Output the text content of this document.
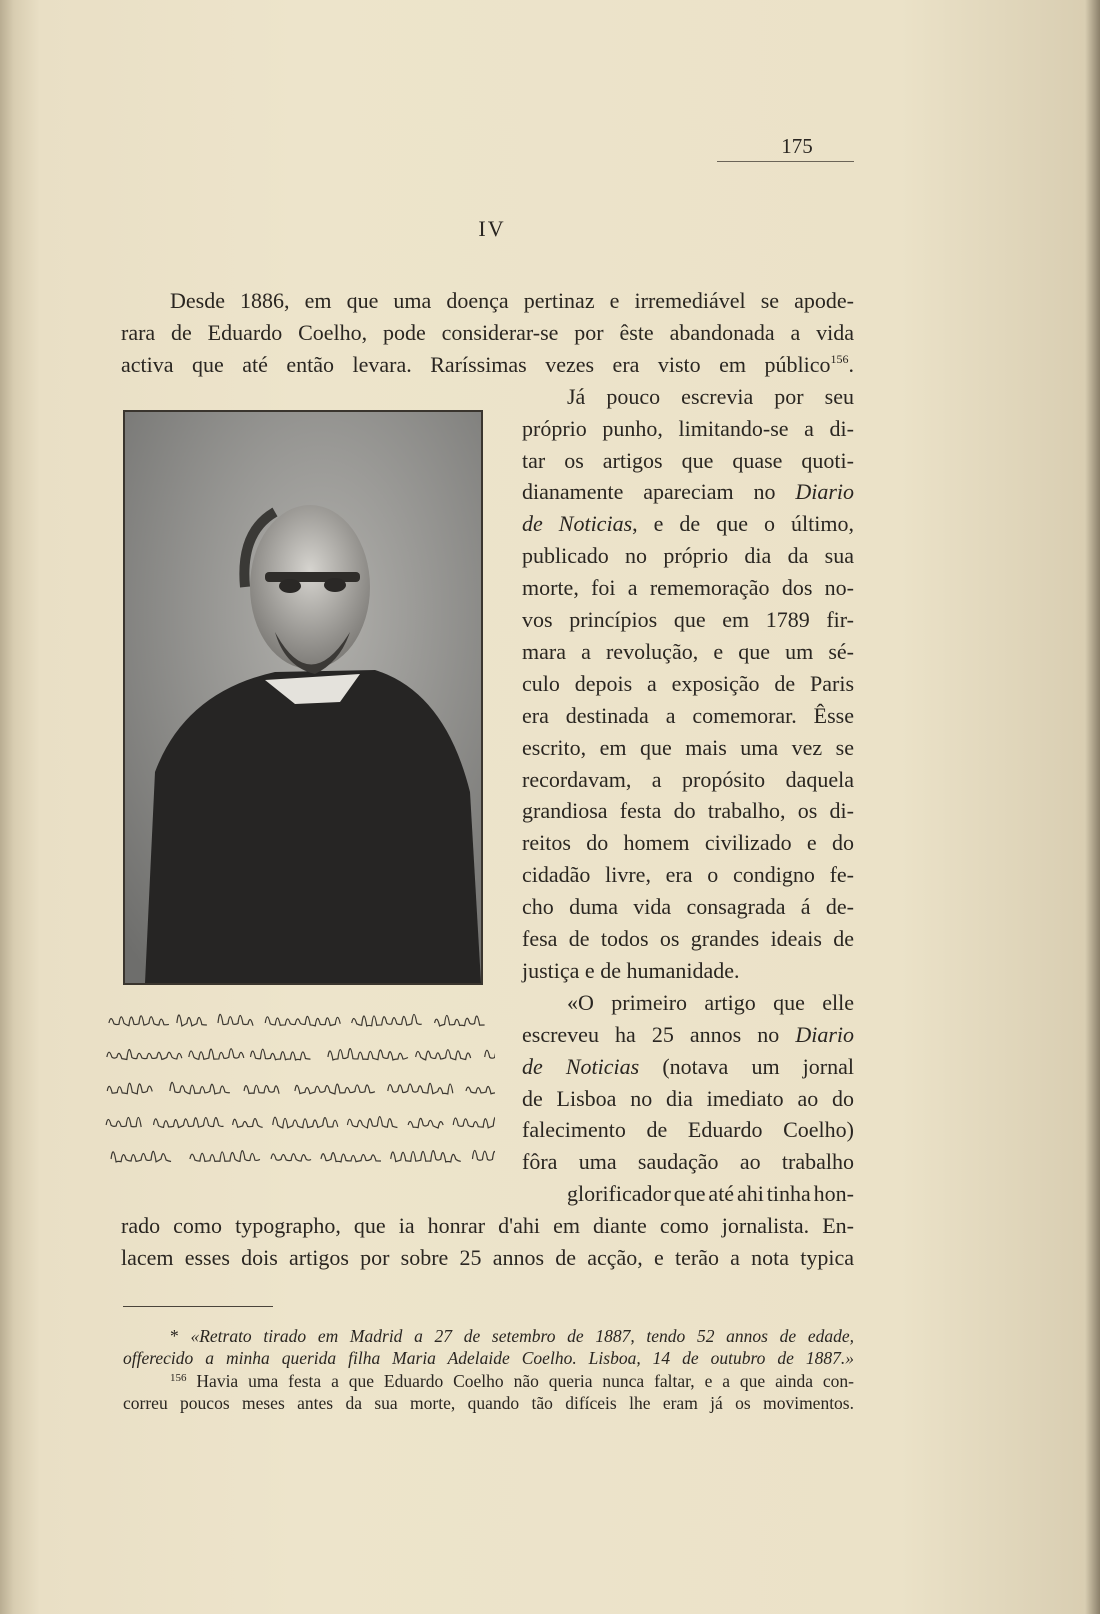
175
IV
Desde 1886, em que uma doença pertinaz e irremediável se apode-
rara de Eduardo Coelho, pode considerar-se por êste abandonada a vida
activa que até então levara. Raríssimas vezes era visto em público$^{156}$.
Já pouco escrevia por seu
próprio punho, limitando-se a di-
tar os artigos que quase quoti-
dianamente apareciam no Diario
de Noticias, e de que o último,
publicado no próprio dia da sua
morte, foi a rememoração dos no-
vos princípios que em 1789 fir-
mara a revolução, e que um sé-
culo depois a exposição de Paris
era destinada a comemorar. Êsse
escrito, em que mais uma vez se
recordavam, a propósito daquela
grandiosa festa do trabalho, os di-
reitos do homem civilizado e do
cidadão livre, era o condigno fe-
cho duma vida consagrada á de-
fesa de todos os grandes ideais de
justiça e de humanidade.
«O primeiro artigo que elle
escreveu ha 25 annos no Diario
de Noticias (notava um jornal
de Lisboa no dia imediato ao do
falecimento de Eduardo Coelho)
fôra uma saudação ao trabalho
glorificador que até ahi tinha hon-
rado como typographo, que ia honrar d'ahi em diante como jornalista. En-
lacem esses dois artigos por sobre 25 annos de acção, e terão a nota typica
* «Retrato tirado em Madrid a 27 de setembro de 1887, tendo 52 annos de edade,
offerecido a minha querida filha Maria Adelaide Coelho. Lisboa, 14 de outubro de 1887.»
$^{156}$ Havia uma festa a que Eduardo Coelho não queria nunca faltar, e a que ainda con-
correu poucos meses antes da sua morte, quando tão difíceis lhe eram já os movimentos.
